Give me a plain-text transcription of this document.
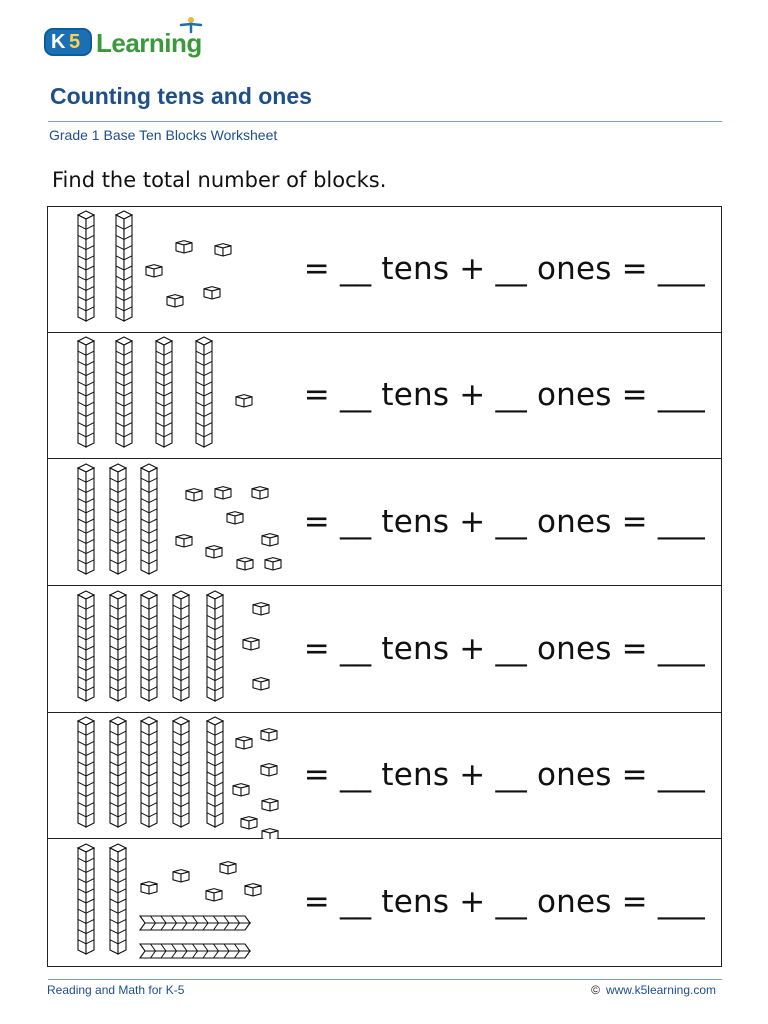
K 5 Learning
Counting tens and ones
Grade 1 Base Ten Blocks Worksheet
Find the total number of blocks.
= __ tens + __ ones = ___
= __ tens + __ ones = ___
= __ tens + __ ones = ___
= __ tens + __ ones = ___
= __ tens + __ ones = ___
= __ tens + __ ones = ___
Reading and Math for K-5	© www.k5learning.com
